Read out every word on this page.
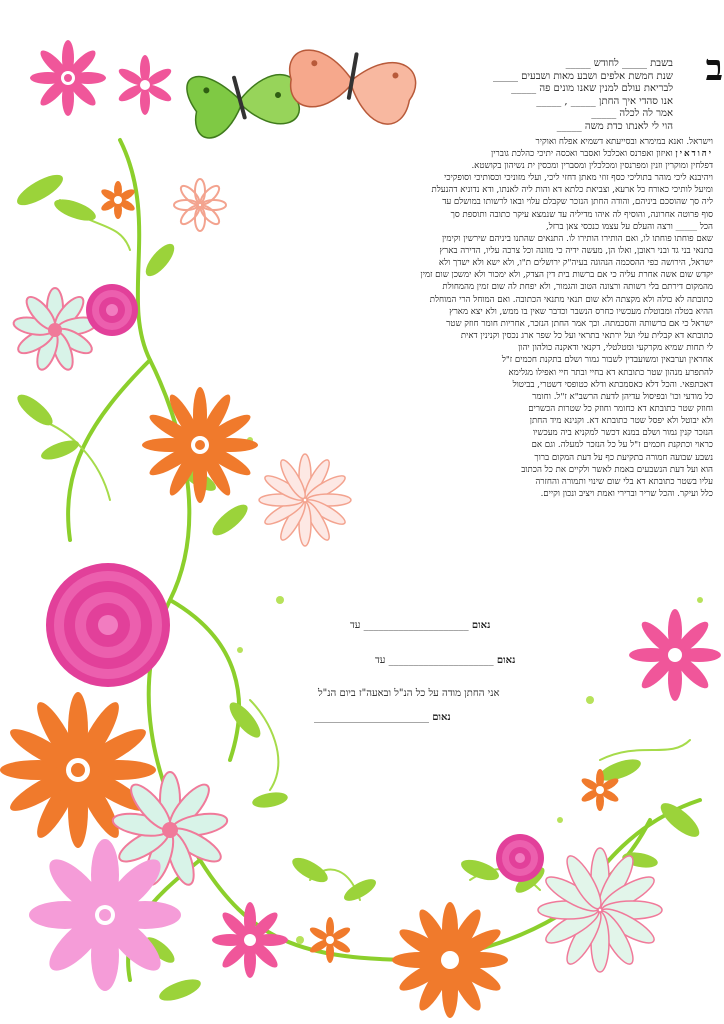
ב
בשבת _____ לחודש _____
שנת חמשת אלפים ושבע מאות ושבעים _____
לבריאת עולם למנין שאנו מונים פה _____
אנו סהדי איך החתן _____ , _____
אמר לה לכלה _____
הוי לי לאנתו כדת משה _____

וישראל. ואנא במימרא ובסייעתא דשמיא אפלח ואוקיר

יהודאין ואיזון ואפרנס ואכלכל ואסבר ואכסה יתיכי כהלכת גוברין

דפלחין ומוקרין וזנין ומפרנסין ומכלכלין ומסברין ומכסין ית נשיהון בקושטא.

ויהיבנא ליכי מוהר בתוליכי כסף זוזי מאתן דחזי ליכי, ועלי מזוניכי וכסותיכי וסופקיכי

ומיעל לותיכי כאורח כל ארעא, וצביאת כלתא דא והות ליה לאנתו, ודא נדוניא דהנעלת

ליה סך שהוסכם ביניהם, והודה החתן הנזכר שקבלם עלוי ובאו לרשותו במושלם עד

סוף פרוטה אחרונה, והוסיף לה איהו מדיליה עד שנמצא עיקר כתובה ותוספת סך

הכל _____ ורצה והעלם על עצמו כנכסי צאן ברזל,

שאם פוחתו פוחתו לו, ואם הותירו הותירו לו. התנאים שהתנו ביניהם שירשין וקימין

בתנאי בני גד ובני ראובן, ואלו הן, מעשה ידיה כי מזונה וכל צרכה עליו, הדירה בארץ

ישראל, הירושה כפי ההסכמה הנהוגה בעיה"ק ירושלים ת"ו, ולא ישא ולא ישדך ולא

יקדש שום אשה אחרת עליה כי אם ברשות בית דין הצדק, ולא ימכור ולא ימשכן שום זמין

מהמקום דירתם בלי רשותה ורצונה הטוב והגמור, ולא יפחת לה שום זמין מהמחולת

כתובתה לא כולה ולא מקצתה ולא שום תנאי מתנאי הכתובה. ואם המוחל הרי המוחלת

ההיא בטלה ומבוטלת מעכשיו כחרס הנשבר וכדבר שאין בו ממש, ולא יצא מארץ

ישראל כי אם ברשותה והסכמתה. וכך אמר החתן הנזכר, אחריות חומר חוזק שטר

כתובתא דא קבלית עלי ועל ירתאי בתראי ועל כל שפר ארג נכסין וקנינין דאית

לי תחות שמיא מקרקעי ומטלטלי, דקנאי ודאקנה כולהון יהון

אחראין וערבאין ומשועבדין לשבור גמור ושלם בתקנת חכמים ז"ל

להתפרע מנהון שטר כתובתא דא בחיי ובתר חיי ואפילו מגלימא

דאכתפאי. והכל דלא כאסמכתא ודלא כטופסי דשטרי, בביטול

כל מודעי וכו' ובפיסול עדיהן לדעת הרשב"א ז"ל. וחומר

וחוזק שטר כתובתא דא כחומר וחוזק כל שטרות הכשרים

ולא יבוטל ולא יפסל שטר כתובתא דא. וקנינא מיד החתן

הנזכר קנין גמור ושלם במנא דכשר למקניא ביה מעכשיו

כראוי וכתקנת חכמים ז"ל על כל הנזכר למעלה. וגם אם

נשבע שבועה חמורה בתקיעת כף על דעת המקום ברוך

הוא ועל דעת הנשבעים באמת לאשר ולקיים את כל הכתוב

עליו בשטר כתובתא דא בלי שום שינוי ותמורה והחזרה

כלל ועיקר. והכל שריר וברירי ואמת ויציב ונכון וקיים.

נאום _____________________ עד
נאום _____________________ עד
אני החתן מודה על כל הנ"ל ובאעה"ז ביום הנ"ל
נאום _______________________
